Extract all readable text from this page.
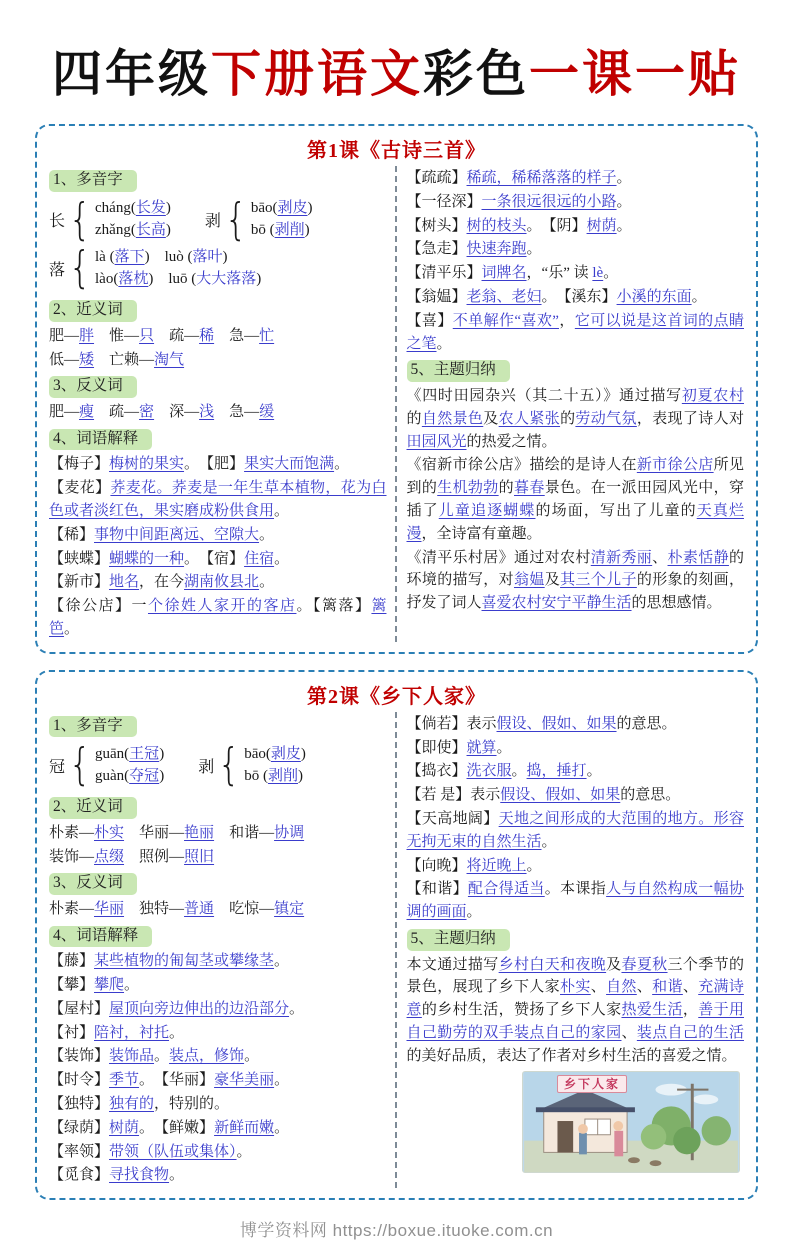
四年级下册语文彩色一课一贴
第1课《古诗三首》
1、多音字
长 { cháng(长发)
zhǎng(长高) 剥 { bāo(剥皮)
bō (剥削)
落 { là (落下)　luò (落叶)
lào(落枕)　luō (大大落落)
2、近义词
肥—胖　惟—只　疏—稀　急—忙
低—矮　亡赖—淘气
3、反义词
肥—瘦　疏—密　深—浅　急—缓
4、词语解释
【梅子】梅树的果实。　【肥】果实大而饱满。
【麦花】荞麦花。荞麦是一年生草本植物，花为白色或者淡红色，果实磨成粉供食用。
【稀】事物中间距离远、空隙大。
【蛱蝶】蝴蝶的一种。　【宿】住宿。
【新市】地名，在今湖南攸县北。
【徐公店】一个徐姓人家开的客店。【篱落】篱笆。
【疏疏】稀疏，稀稀落落的样子。
【一径深】一条很远很远的小路。
【树头】树的枝头。　【阴】树荫。
【急走】快速奔跑。
【清平乐】词牌名，“乐” 读 lè。
【翁媪】老翁、老妇。　【溪东】小溪的东面。
【喜】不单解作“喜欢”，它可以说是这首词的点睛之笔。
5、主题归纳
《四时田园杂兴（其二十五）》通过描写初夏农村的自然景色及农人紧张的劳动气氛，表现了诗人对田园风光的热爱之情。
《宿新市徐公店》描绘的是诗人在新市徐公店所见到的生机勃勃的暮春景色。在一派田园风光中，穿插了儿童追逐蝴蝶的场面，写出了儿童的天真烂漫，全诗富有童趣。
《清平乐村居》通过对农村清新秀丽、朴素恬静的环境的描写，对翁媪及其三个儿子的形象的刻画，抒发了词人喜爱农村安宁平静生活的思想感情。
第2课《乡下人家》
1、多音字
冠 { guān(王冠)
guàn(夺冠) 剥 { bāo(剥皮)
bō (剥削)
2、近义词
朴素—朴实　华丽—艳丽　和谐—协调
装饰—点缀　照例—照旧
3、反义词
朴素—华丽　独特—普通　吃惊—镇定
4、词语解释
【藤】某些植物的匍匐茎或攀缘茎。
【攀】攀爬。
【屋村】屋顶向旁边伸出的边沿部分。
【衬】陪衬，衬托。
【装饰】装饰品。装点，修饰。
【时令】季节。　【华丽】豪华美丽。
【独特】独有的，特别的。
【绿荫】树荫。　【鲜嫩】新鲜而嫩。
【率领】带领（队伍或集体）。
【觅食】寻找食物。
【倘若】表示假设、假如、如果的意思。
【即使】就算。
【捣衣】洗衣服。捣，捶打。
【若 是】表示假设、假如、如果的意思。
【天高地阔】天地之间形成的大范围的地方。形容无拘无束的自然生活。
【向晚】将近晚上。
【和谐】配合得适当。本课指人与自然构成一幅协调的画面。
5、主题归纳
本文通过描写乡村白天和夜晚及春夏秋三个季节的景色，展现了乡下人家朴实、自然、和谐、充满诗意的乡村生活，赞扬了乡下人家热爱生活，善于用自己勤劳的双手装点自己的家园、装点自己的生活的美好品质，表达了作者对乡村生活的喜爱之情。
乡下人家
博学资料网 https://boxue.ituoke.com.cn
